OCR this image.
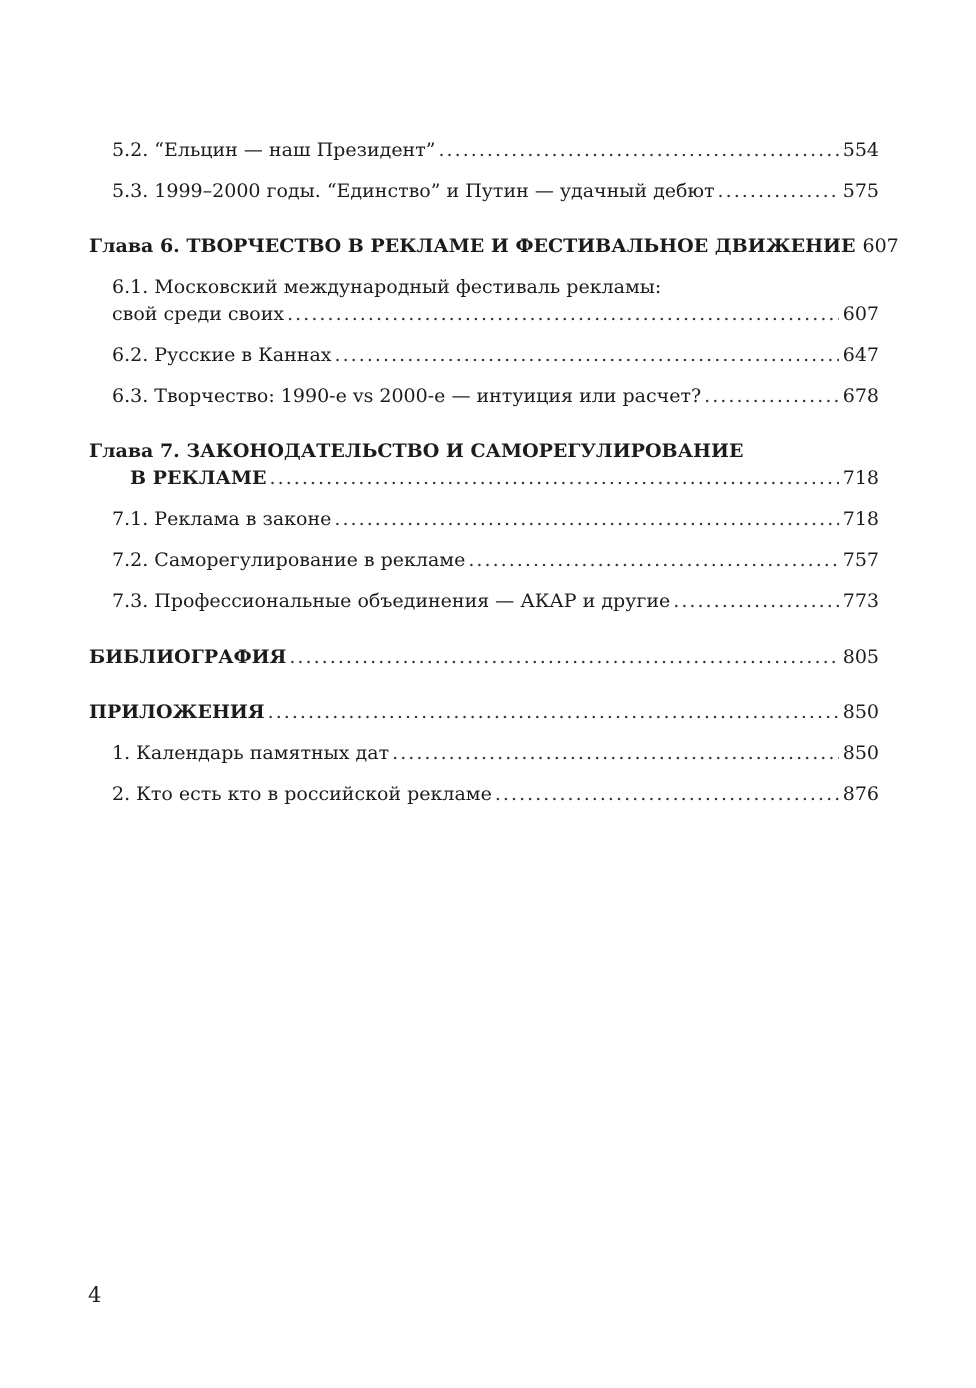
5.2. “Ельцин — наш Президент” . . .	554
5.3. 1999–2000 годы. “Единство” и Путин — удачный дебют . . .	575
Глава 6. ТВОРЧЕСТВО В РЕКЛАМЕ И ФЕСТИВАЛЬНОЕ ДВИЖЕНИЕ 607
6.1. Московский международный фестиваль рекламы:
свой среди своих . . .	607
6.2. Русские в Каннах . . .	647
6.3. Творчество: 1990-е vs 2000-е — интуиция или расчет? . . .	678
Глава 7. ЗАКОНОДАТЕЛЬСТВО И САМОРЕГУЛИРОВАНИЕ
В РЕКЛАМЕ . . .	718
7.1. Реклама в законе . . .	718
7.2. Саморегулирование в рекламе . . .	757
7.3. Профессиональные объединения — АКАР и другие . . .	773
БИБЛИОГРАФИЯ . . .	805
ПРИЛОЖЕНИЯ . . .	850
1. Календарь памятных дат . . .	850
2. Кто есть кто в российской рекламе . . .	876
4
